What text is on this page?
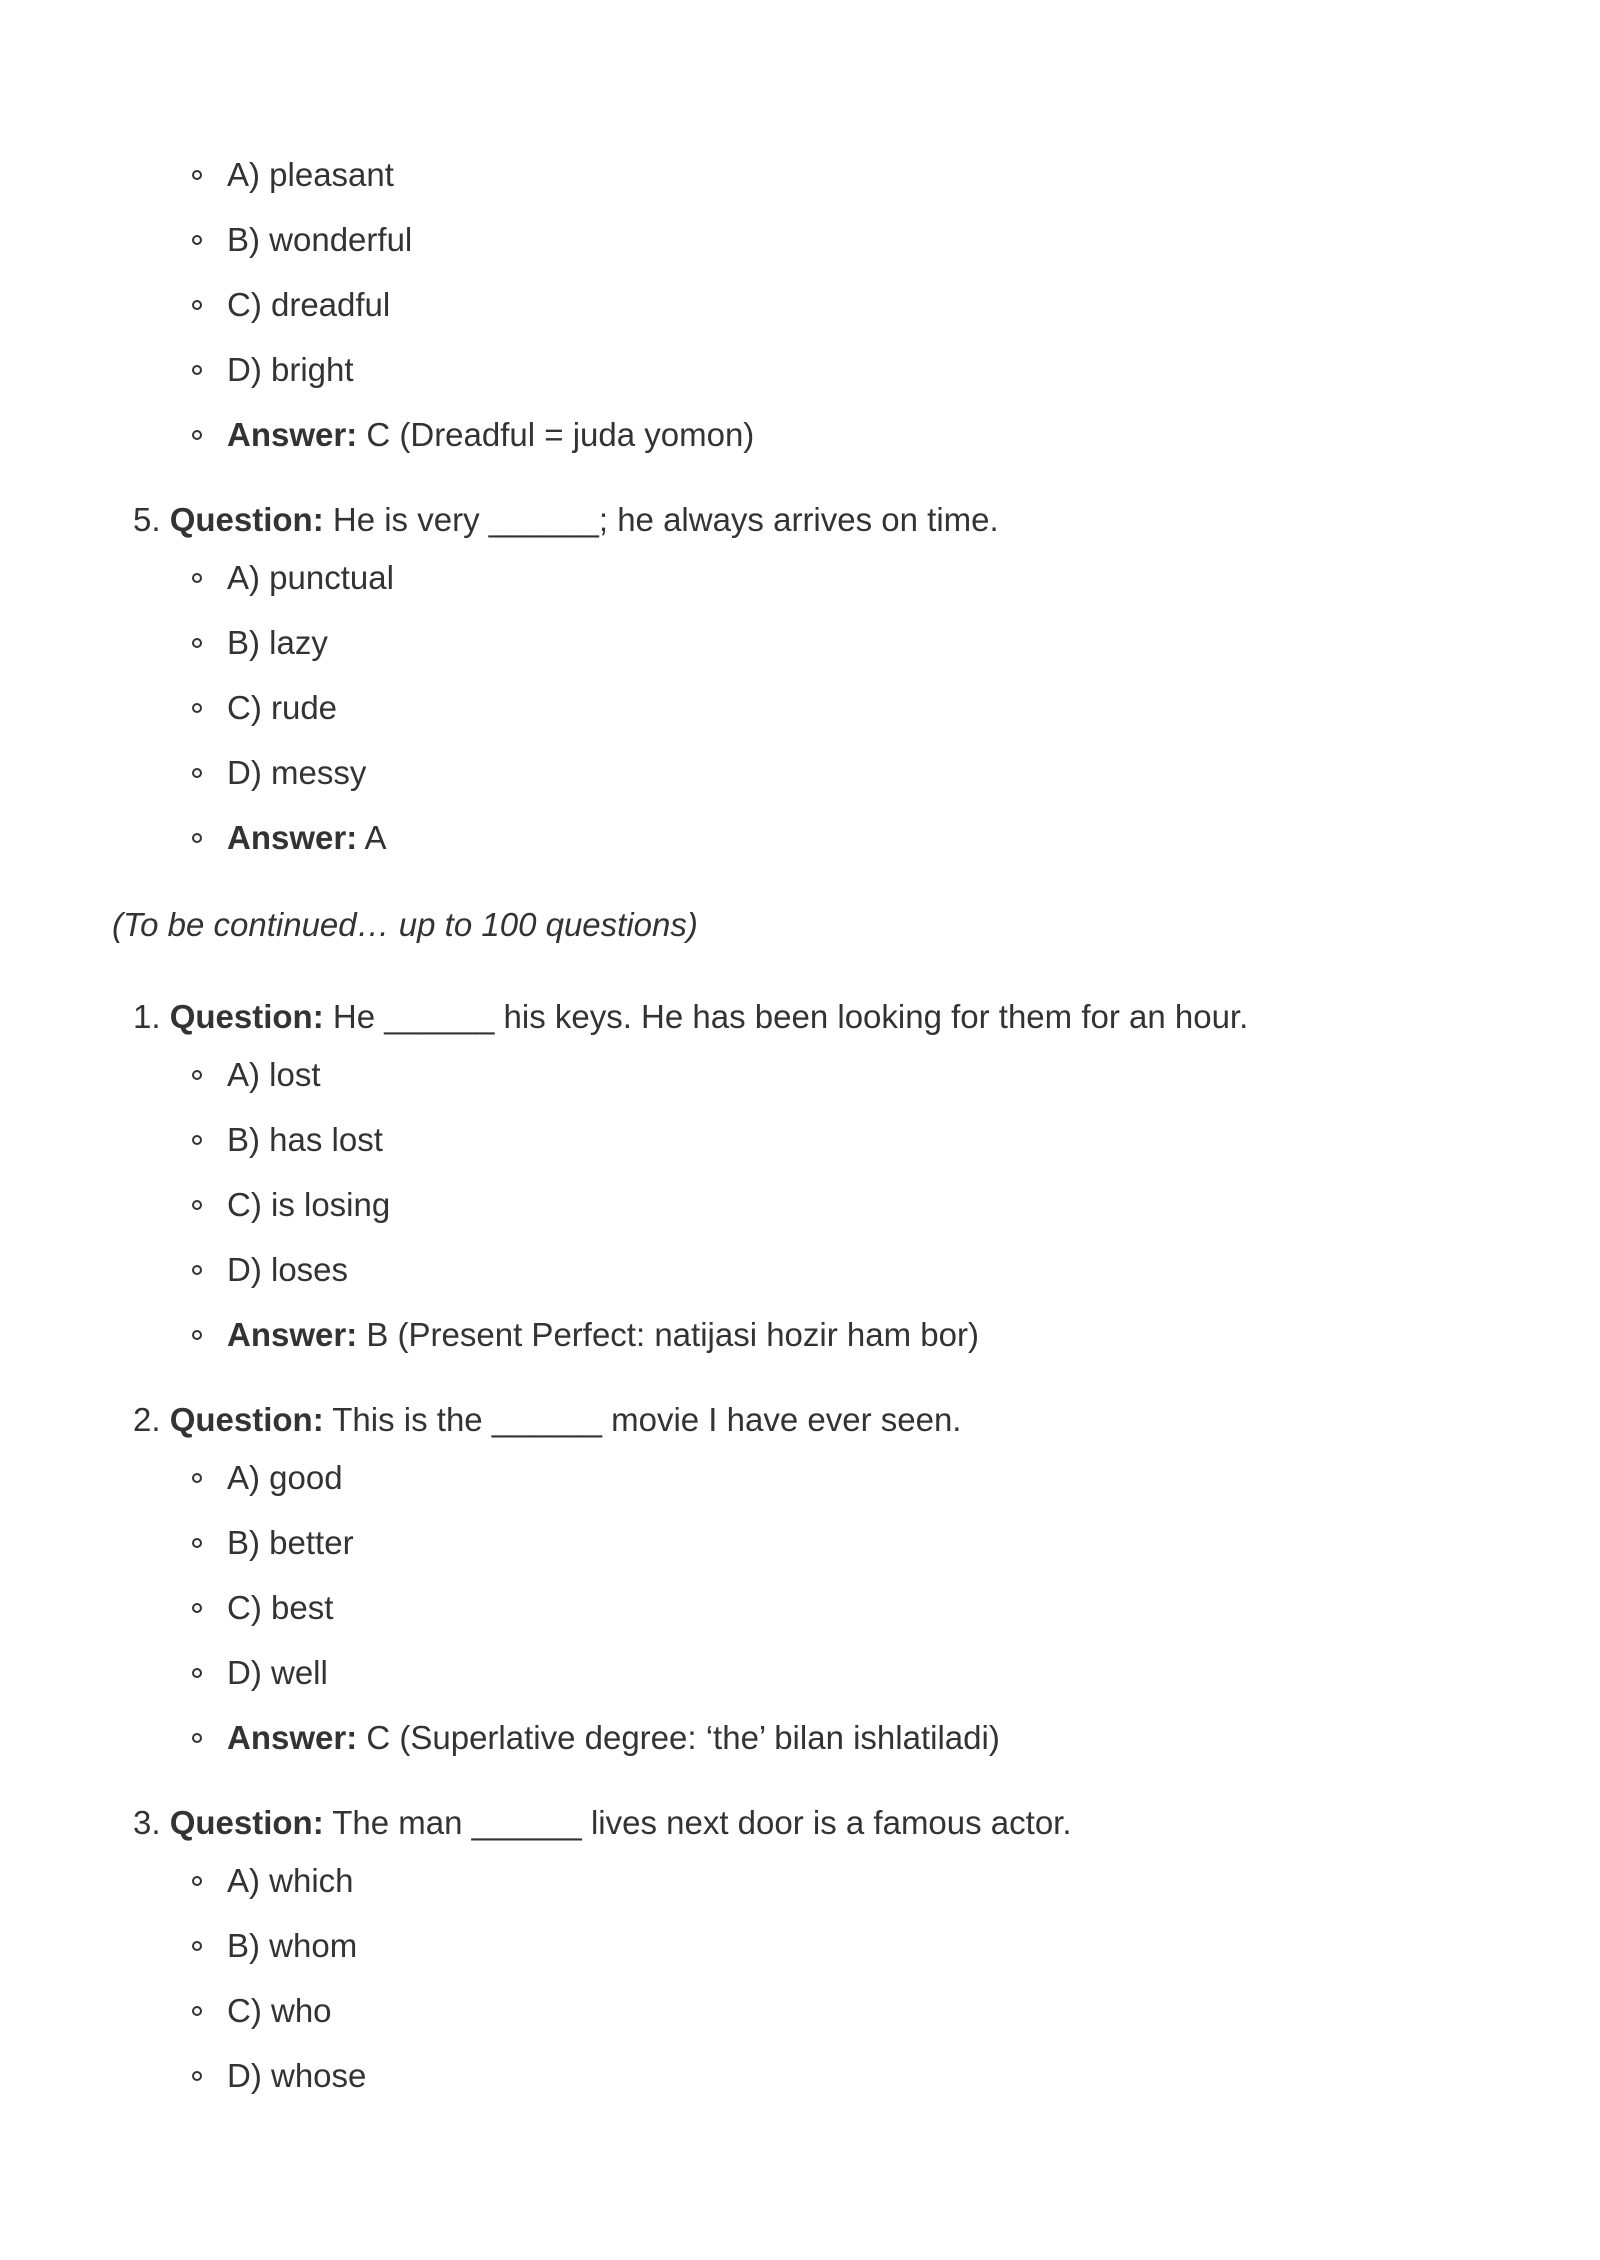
A) pleasant
B) wonderful
C) dreadful
D) bright
Answer: C (Dreadful = juda yomon)
5. Question: He is very ______; he always arrives on time.
A) punctual
B) lazy
C) rude
D) messy
Answer: A
(To be continued… up to 100 questions)
1. Question: He ______ his keys. He has been looking for them for an hour.
A) lost
B) has lost
C) is losing
D) loses
Answer: B (Present Perfect: natijasi hozir ham bor)
2. Question: This is the ______ movie I have ever seen.
A) good
B) better
C) best
D) well
Answer: C (Superlative degree: ‘the’ bilan ishlatiladi)
3. Question: The man ______ lives next door is a famous actor.
A) which
B) whom
C) who
D) whose
